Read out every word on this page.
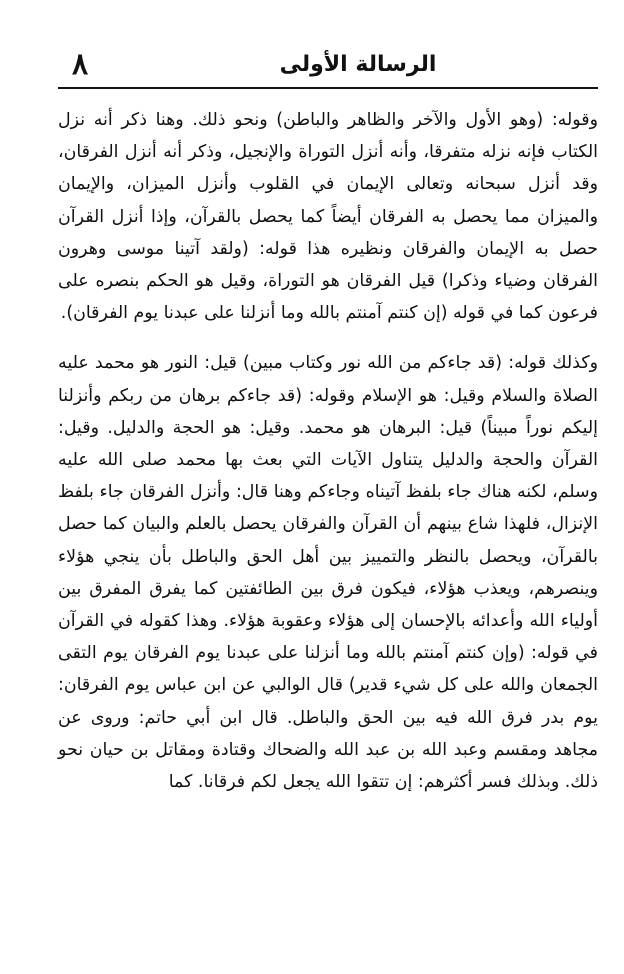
٨	الرسالة الأولى

وقوله: (وهو الأول والآخر والظاهر والباطن) ونحو ذلك. وهنا ذكر أنه نزل الكتاب فإنه نزله متفرقا، وأنه أنزل التوراة والإنجيل، وذكر أنه أنزل الفرقان، وقد أنزل سبحانه وتعالى الإيمان في القلوب وأنزل الميزان، والإيمان والميزان مما يحصل به الفرقان أيضاً كما يحصل بالقرآن، وإذا أنزل القرآن حصل به الإيمان والفرقان ونظيره هذا قوله: (ولقد آتينا موسى وهرون الفرقان وضياء وذكرا) قيل الفرقان هو التوراة، وقيل هو الحكم بنصره على فرعون كما في قوله (إن كنتم آمنتم بالله وما أنزلنا على عبدنا يوم الفرقان).

وكذلك قوله: (قد جاءكم من الله نور وكتاب مبين) قيل: النور هو محمد عليه الصلاة والسلام وقيل: هو الإسلام وقوله: (قد جاءكم برهان من ربكم وأنزلنا إليكم نوراً مبيناً) قيل: البرهان هو محمد. وقيل: هو الحجة والدليل. وقيل: القرآن والحجة والدليل يتناول الآيات التي بعث بها محمد صلى الله عليه وسلم، لكنه هناك جاء بلفظ آتيناه وجاءكم وهنا قال: وأنزل الفرقان جاء بلفظ الإنزال، فلهذا شاع بينهم أن القرآن والفرقان يحصل بالعلم والبيان كما حصل بالقرآن، ويحصل بالنظر والتمييز بين أهل الحق والباطل بأن ينجي هؤلاء وينصرهم، ويعذب هؤلاء، فيكون فرق بين الطائفتين كما يفرق المفرق بين أولياء الله وأعدائه بالإحسان إلى هؤلاء وعقوبة هؤلاء. وهذا كقوله في القرآن في قوله: (وإن كنتم آمنتم بالله وما أنزلنا على عبدنا يوم الفرقان يوم التقى الجمعان والله على كل شيء قدير) قال الوالبي عن ابن عباس يوم الفرقان: يوم بدر فرق الله فيه بين الحق والباطل. قال ابن أبي حاتم: وروى عن مجاهد ومقسم وعبد الله بن عبد الله والضحاك وقتادة ومقاتل بن حيان نحو ذلك. وبذلك فسر أكثرهم: إن تتقوا الله يجعل لكم فرقانا. كما
